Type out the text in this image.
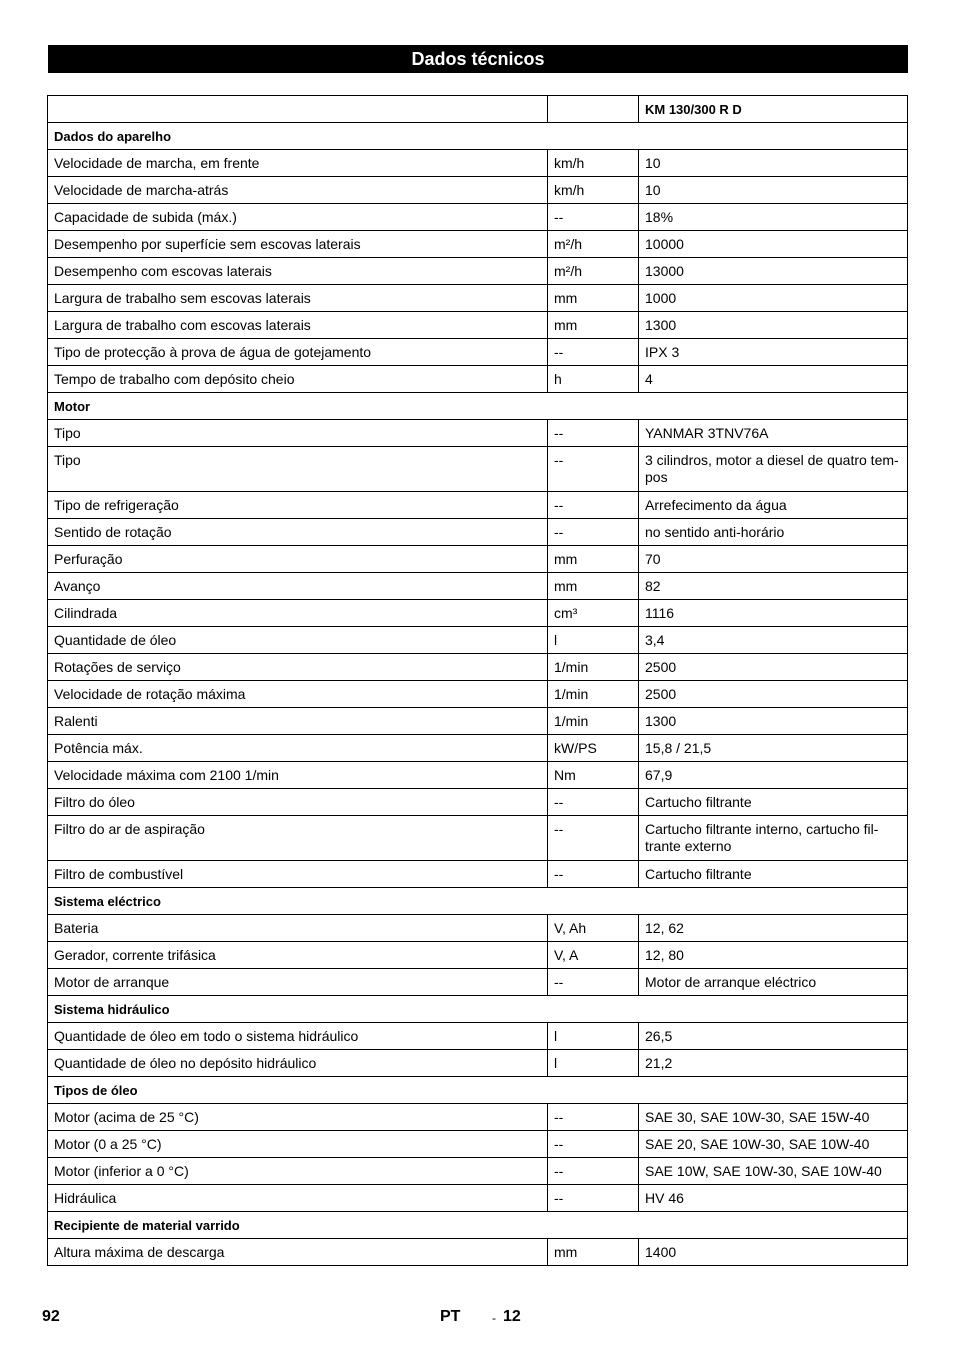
Dados técnicos
		KM 130/300 R D
Dados do aparelho		
Velocidade de marcha, em frente	km/h	10
Velocidade de marcha-atrás	km/h	10
Capacidade de subida (máx.)	--	18%
Desempenho por superfície sem escovas laterais	m²/h	10000
Desempenho com escovas laterais	m²/h	13000
Largura de trabalho sem escovas laterais	mm	1000
Largura de trabalho com escovas laterais	mm	1300
Tipo de protecção à prova de água de gotejamento	--	IPX 3
Tempo de trabalho com depósito cheio	h	4
Motor		
Tipo	--	YANMAR 3TNV76A
Tipo	--	3 cilindros, motor a diesel de quatro tem-pos
Tipo de refrigeração	--	Arrefecimento da água
Sentido de rotação	--	no sentido anti-horário
Perfuração	mm	70
Avanço	mm	82
Cilindrada	cm³	1116
Quantidade de óleo	l	3,4
Rotações de serviço	1/min	2500
Velocidade de rotação máxima	1/min	2500
Ralenti	1/min	1300
Potência máx.	kW/PS	15,8 / 21,5
Velocidade máxima com 2100 1/min	Nm	67,9
Filtro do óleo	--	Cartucho filtrante
Filtro do ar de aspiração	--	Cartucho filtrante interno, cartucho fil-trante externo
Filtro de combustível	--	Cartucho filtrante
Sistema eléctrico		
Bateria	V, Ah	12, 62
Gerador, corrente trifásica	V, A	12, 80
Motor de arranque	--	Motor de arranque eléctrico
Sistema hidráulico		
Quantidade de óleo em todo o sistema hidráulico	l	26,5
Quantidade de óleo no depósito hidráulico	l	21,2
Tipos de óleo		
Motor (acima de 25 °C)	--	SAE 30, SAE 10W-30, SAE 15W-40
Motor (0 a 25 °C)	--	SAE 20, SAE 10W-30, SAE 10W-40
Motor (inferior a 0 °C)	--	SAE 10W, SAE 10W-30, SAE 10W-40
Hidráulica	--	HV 46
Recipiente de material varrido		
Altura máxima de descarga	mm	1400
92	PT	- 12
